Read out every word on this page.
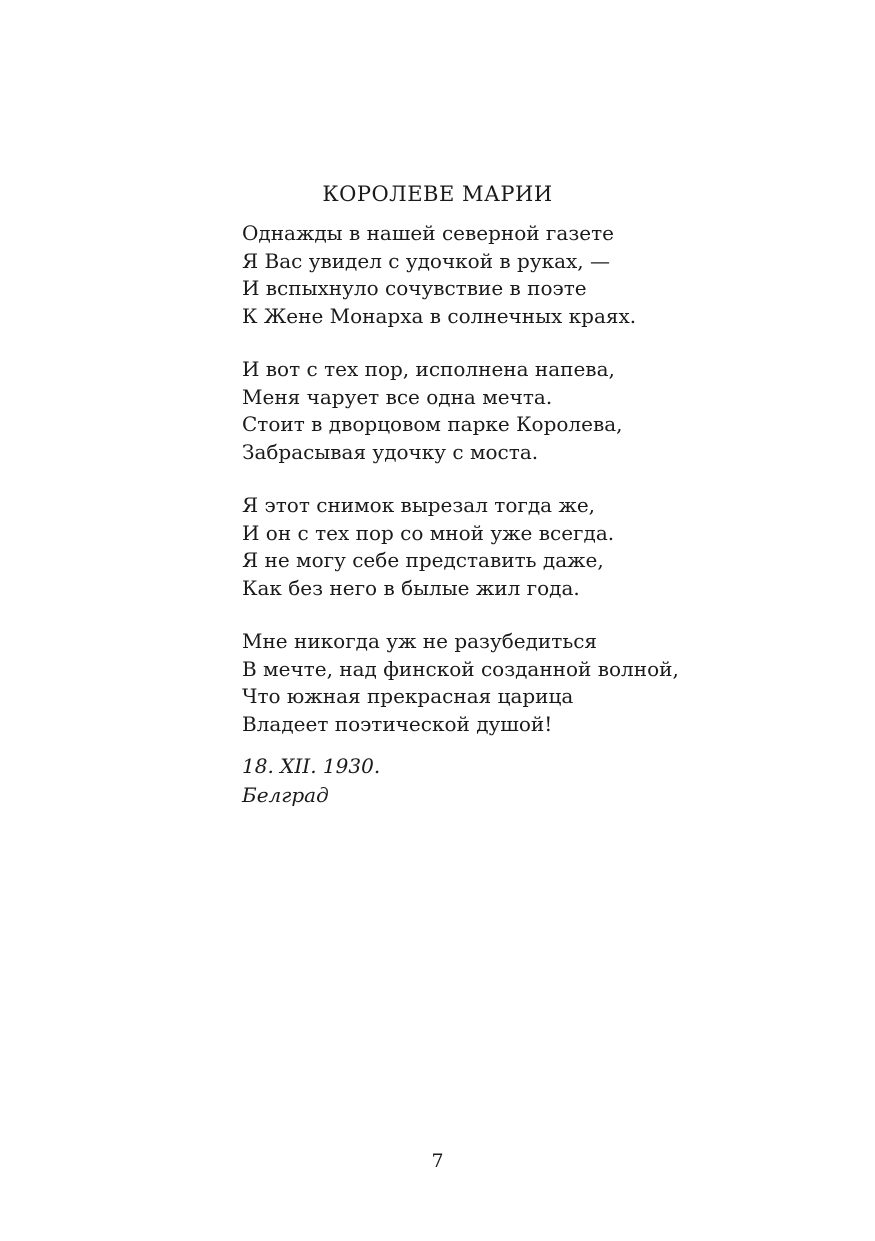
КОРОЛЕВЕ МАРИИ
Однажды в нашей северной газете
Я Вас увидел с удочкой в руках, —
И вспыхнуло сочувствие в поэте
К Жене Монарха в солнечных краях.
И вот с тех пор, исполнена напева,
Меня чарует все одна мечта.
Стоит в дворцовом парке Королева,
Забрасывая удочку с моста.
Я этот снимок вырезал тогда же,
И он с тех пор со мной уже всегда.
Я не могу себе представить даже,
Как без него в былые жил года.
Мне никогда уж не разубедиться
В мечте, над финской созданной волной,
Что южная прекрасная царица
Владеет поэтической душой!
18. XII. 1930.
Белград
7
